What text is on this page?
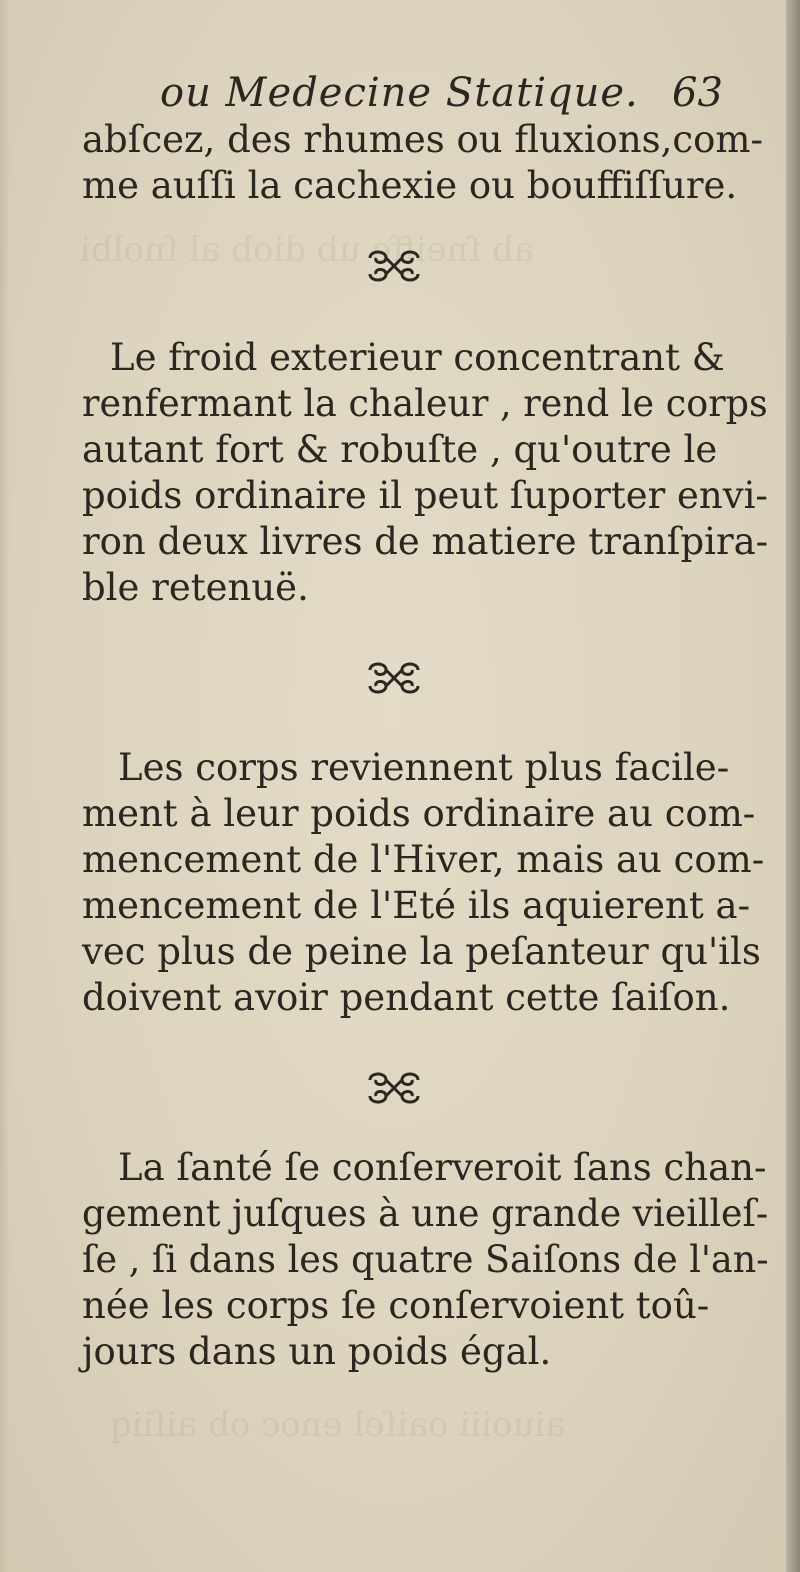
ab ſneiffe ub diob al ſnolbi
aiuoiii oaiſel enoc ob aiſiiq
ou Medecine Statique. 63
abſcez, des rhumes ou fluxions,com-
me auſſi la cachexie ou bouffiſſure.
Le froid exterieur concentrant &
renfermant la chaleur , rend le corps
autant fort & robuſte , qu'outre le
poids ordinaire il peut ſuporter envi-
ron deux livres de matiere tranſpira-
ble retenuë.
Les corps reviennent plus facile-
ment à leur poids ordinaire au com-
mencement de l'Hiver, mais au com-
mencement de l'Eté ils aquierent a-
vec plus de peine la peſanteur qu'ils
doivent avoir pendant cette ſaiſon.
La ſanté ſe conſerveroit ſans chan-
gement juſques à une grande vieilleſ-
ſe , ſi dans les quatre Saiſons de l'an-
née les corps ſe conſervoient toû-
jours dans un poids égal.
